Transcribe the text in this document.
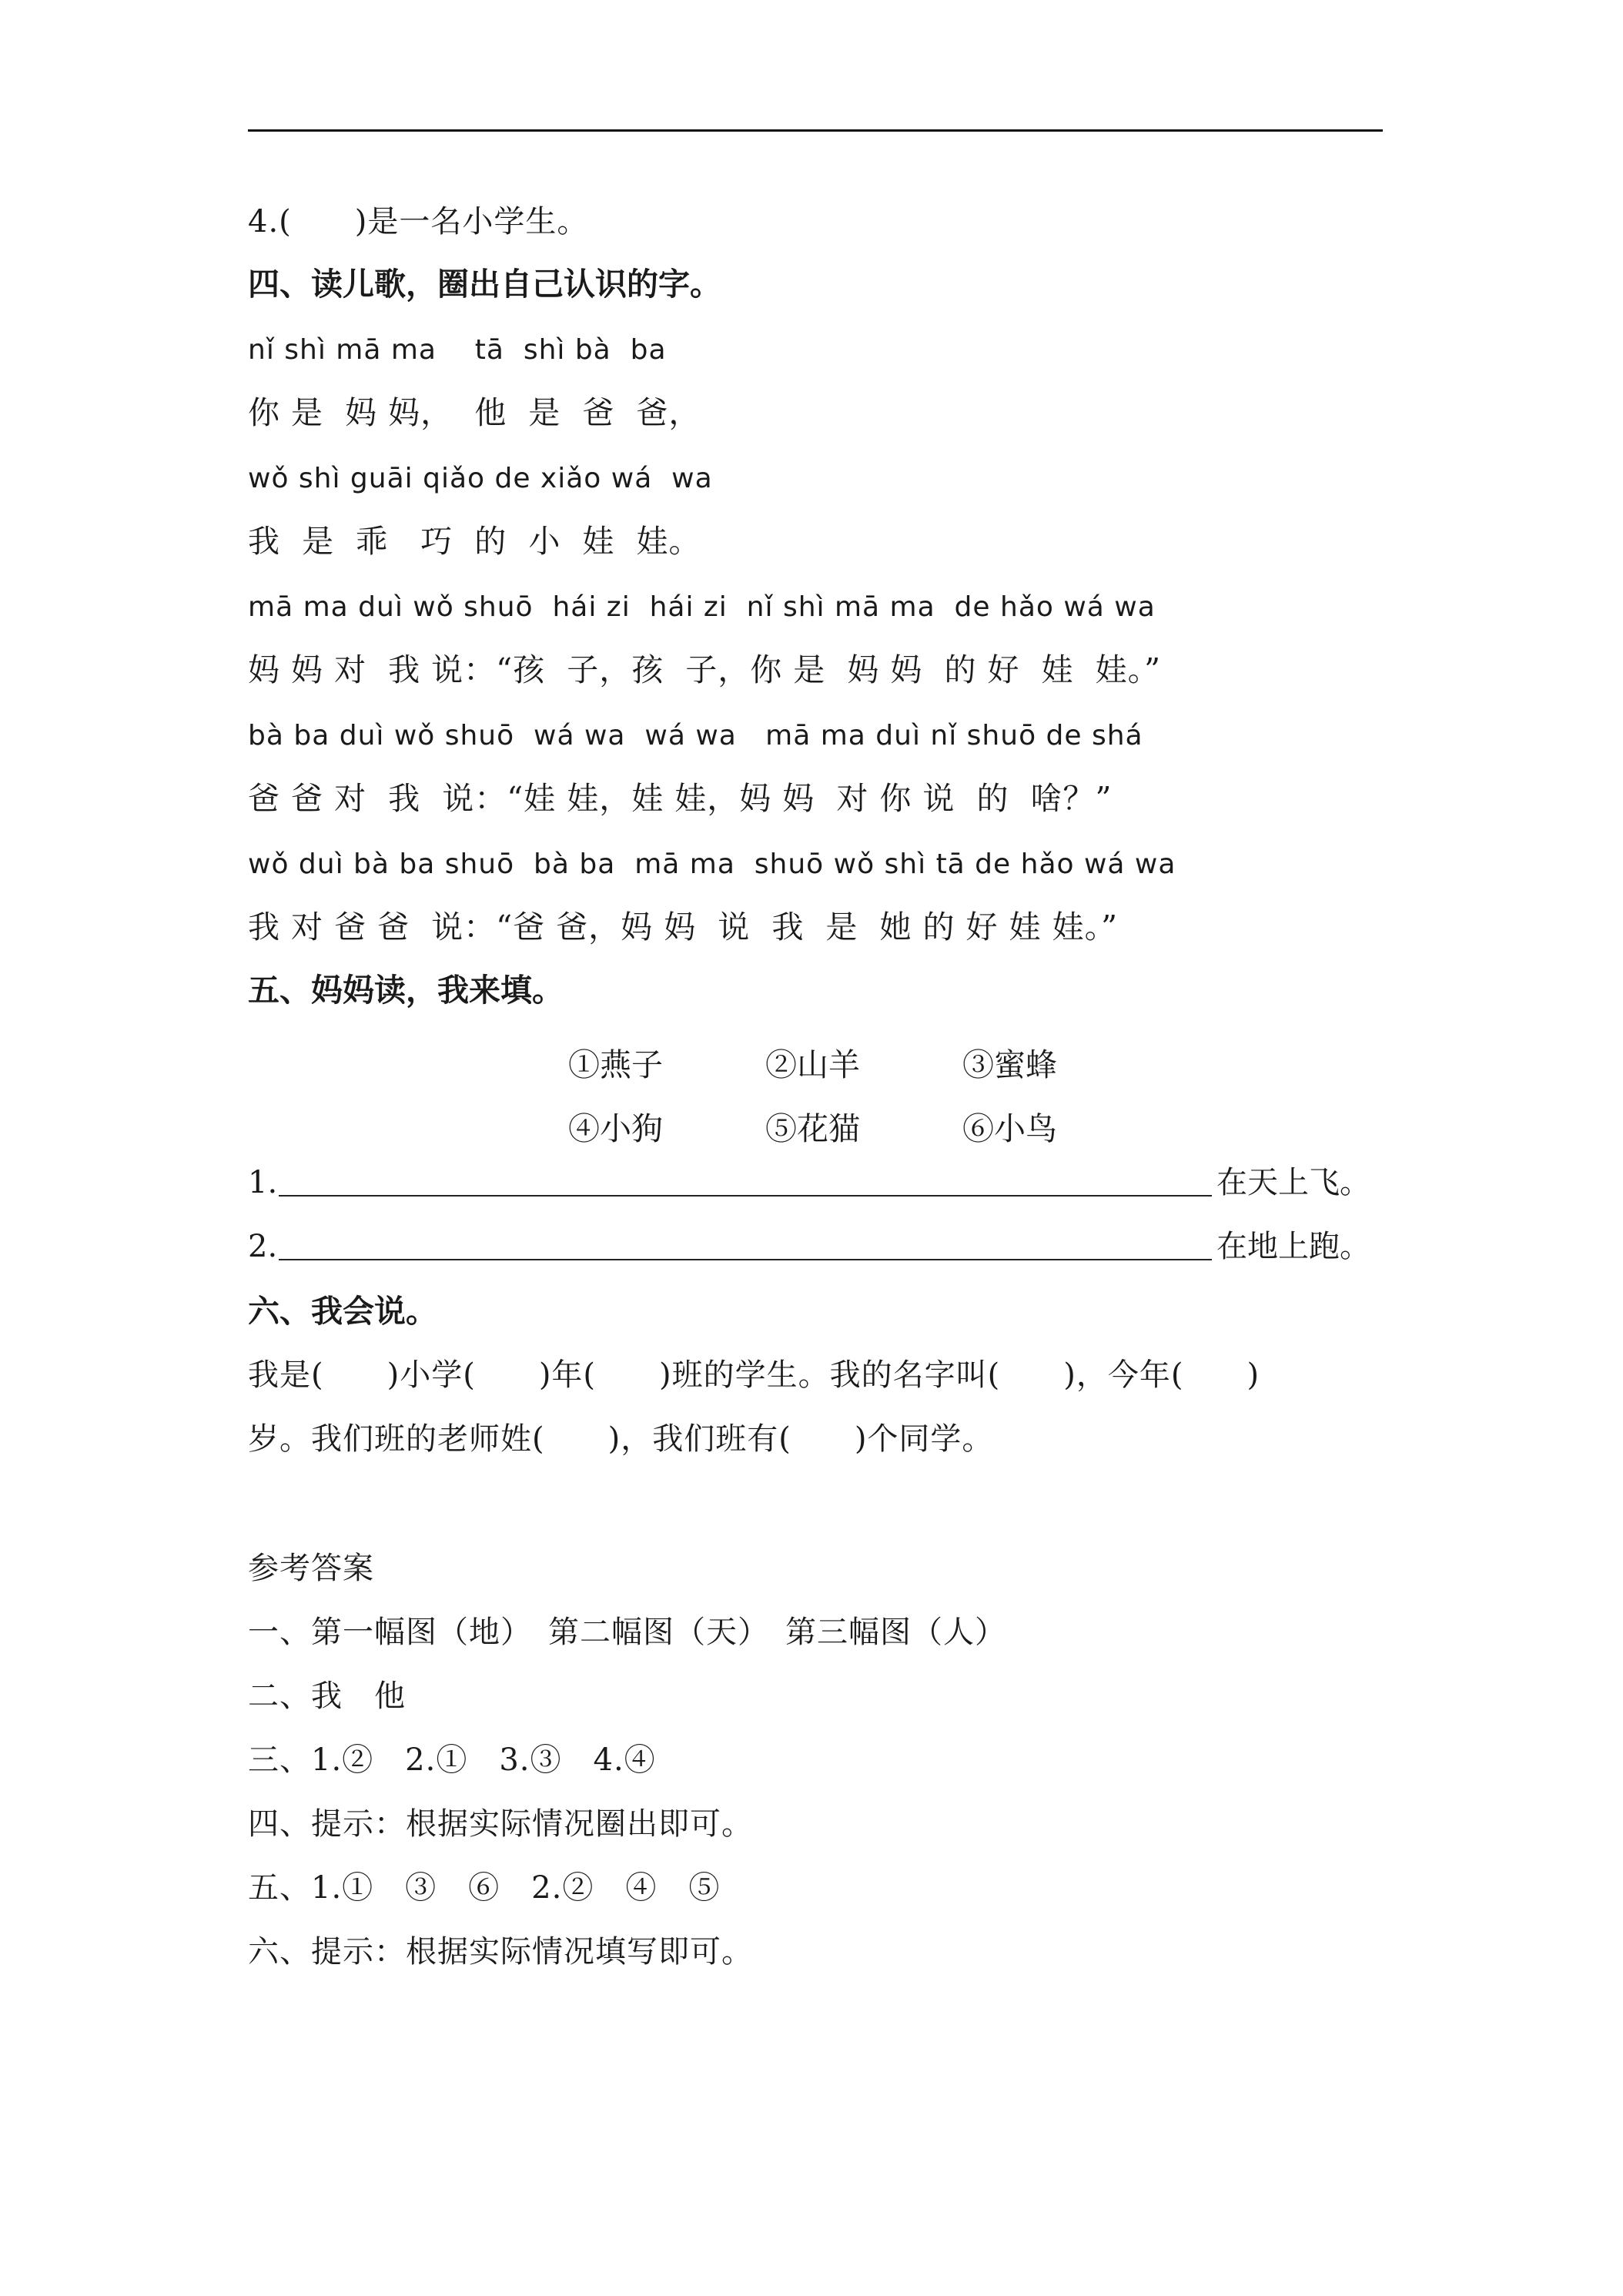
4.(　　)是一名小学生。
四、读儿歌，圈出自己认识的字。
nǐ shì mā ma    tā  shì bà  ba
你 是  妈 妈，  他  是  爸  爸，
wǒ shì guāi qiǎo de xiǎo wá  wa
我  是  乖   巧  的  小  娃  娃。
mā ma duì wǒ shuō  hái zi  hái zi  nǐ shì mā ma  de hǎo wá wa
妈 妈 对  我 说：“孩  子，孩  子，你 是  妈 妈  的 好  娃  娃。”
bà ba duì wǒ shuō  wá wa  wá wa   mā ma duì nǐ shuō de shá
爸 爸 对  我  说：“娃 娃，娃 娃，妈 妈  对 你 说  的  啥？”
wǒ duì bà ba shuō  bà ba  mā ma  shuō wǒ shì tā de hǎo wá wa
我 对 爸 爸  说：“爸 爸，妈 妈  说  我  是  她 的 好 娃 娃。”
五、妈妈读，我来填。
①燕子	②山羊	③蜜蜂
④小狗	⑤花猫	⑥小鸟
1.	在天上飞。
2.	在地上跑。
六、我会说。
我是(　　)小学(　　)年(　　)班的学生。我的名字叫(　　)，今年(　　)
岁。我们班的老师姓(　　)，我们班有(　　)个同学。
参考答案
一、第一幅图（地）　第二幅图（天）　第三幅图（人）
二、我　他
三、1.②　2.①　3.③　4.④
四、提示：根据实际情况圈出即可。
五、1.①　③　⑥　2.②　④　⑤
六、提示：根据实际情况填写即可。
